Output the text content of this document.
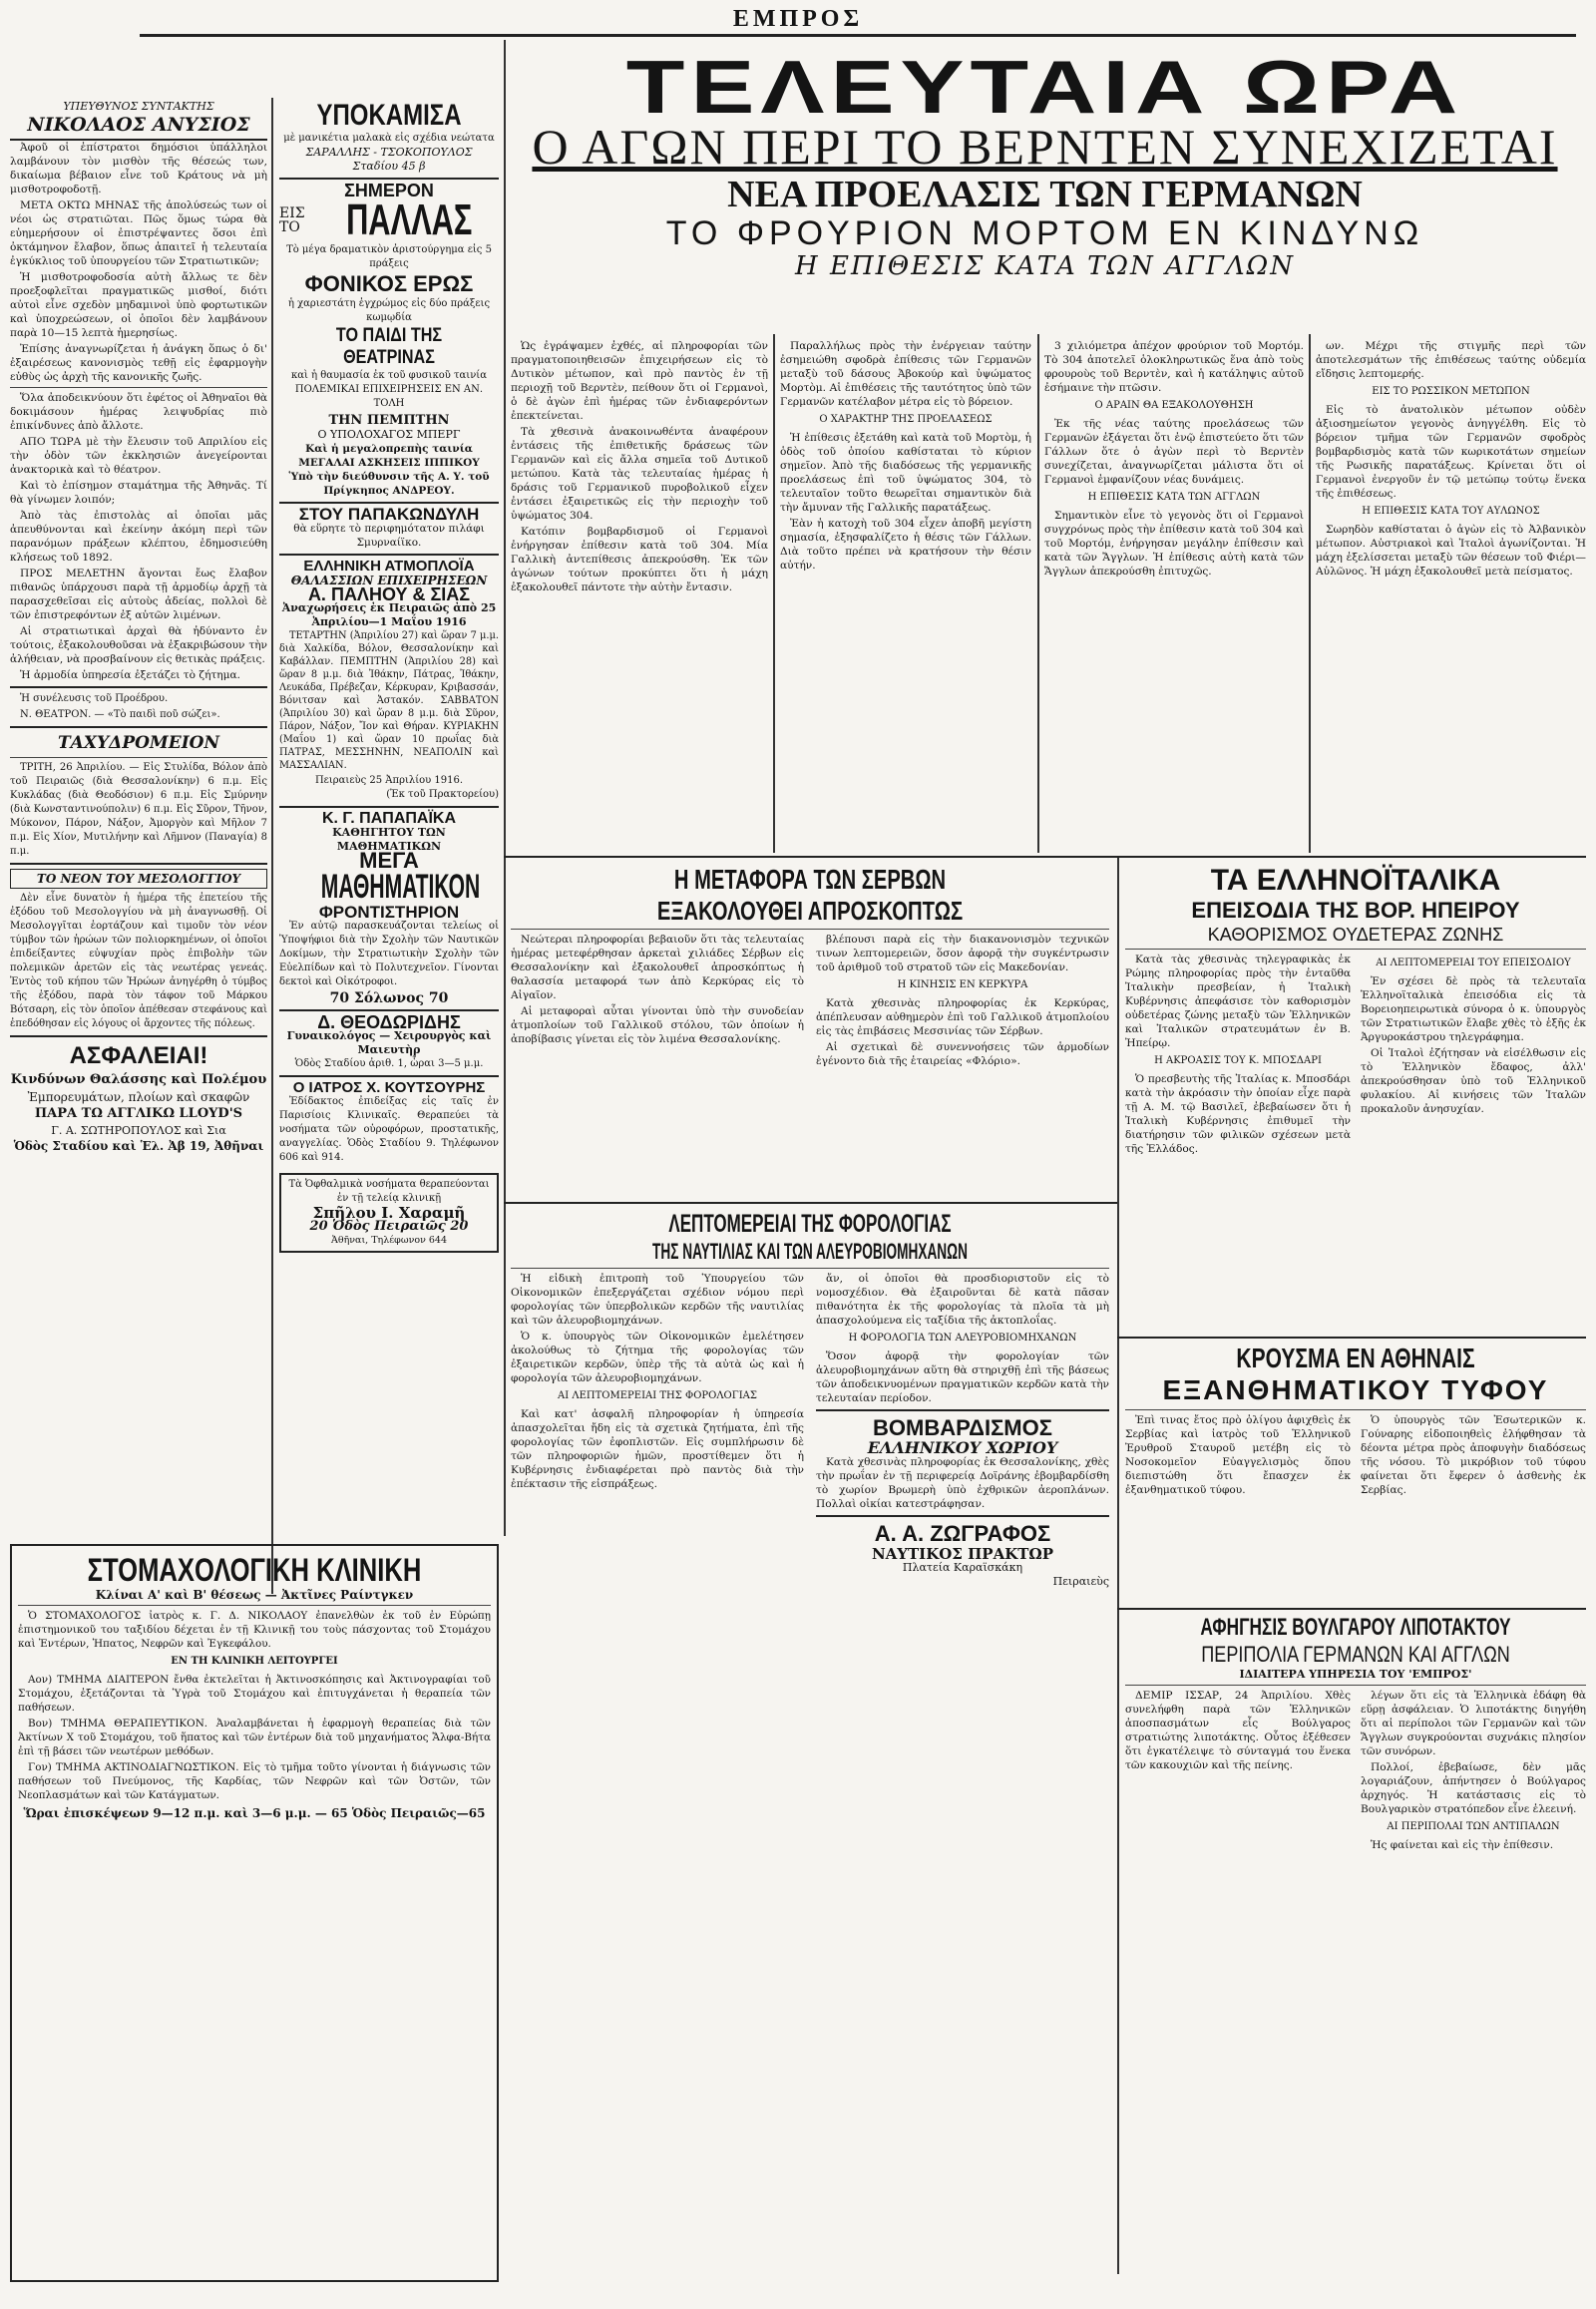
ΕΜΠΡΟΣ
ΥΠΕΥΘΥΝΟΣ ΣΥΝΤΑΚΤΗΣ
ΝΙΚΟΛΑΟΣ ΑΝΥΣΙΟΣ

Ἀφοῦ οἱ ἐπίστρατοι δημόσιοι ὑπάλληλοι λαμβάνουν τὸν μισθὸν τῆς θέσεώς των, δικαίωμα βέβαιον εἶνε τοῦ Κράτους νὰ μὴ μισθοτροφοδοτῇ.

ΜΕΤΑ ΟΚΤΩ ΜΗΝΑΣ τῆς ἀπολύσεώς των οἱ νέοι ὡς στρατιῶται. Πῶς ὅμως τώρα θὰ εὐημερήσουν οἱ ἐπιστρέψαντες ὅσοι ἐπὶ ὀκτάμηνον ἔλαβον, ὅπως ἀπαιτεῖ ἡ τελευταία ἐγκύκλιος τοῦ ὑπουργείου τῶν Στρατιωτικῶν;

Ἡ μισθοτροφοδοσία αὐτὴ ἄλλως τε δὲν προεξοφλεῖται πραγματικῶς μισθοί, διότι αὐτοὶ εἶνε σχεδὸν μηδαμινοὶ ὑπὸ φορτωτικῶν καὶ ὑποχρεώσεων, οἱ ὁποῖοι δὲν λαμβάνουν παρὰ 10—15 λεπτὰ ἡμερησίως.

Ἐπίσης ἀναγνωρίζεται ἡ ἀνάγκη ὅπως ὁ δι' ἐξαιρέσεως κανονισμὸς τεθῇ εἰς ἐφαρμογὴν εὐθὺς ὡς ἀρχὴ τῆς κανονικῆς ζωῆς.

Ὅλα ἀποδεικνύουν ὅτι ἐφέτος οἱ Ἀθηναῖοι θὰ δοκιμάσουν ἡμέρας λειψυδρίας πιὸ ἐπικίνδυνες ἀπὸ ἄλλοτε.

ΑΠΟ ΤΩΡΑ μὲ τὴν ἔλευσιν τοῦ Απριλίου εἰς τὴν ὁδὸν τῶν ἐκκλησιῶν ἀνεγείρονται ἀνακτορικὰ καὶ τὸ θέατρον.

Καὶ τὸ ἐπίσημον σταμάτημα τῆς Ἀθηνᾶς. Τί θὰ γίνωμεν λοιπόν;

Ἀπὸ τὰς ἐπιστολὰς αἱ ὁποῖαι μᾶς ἀπευθύνονται καὶ ἐκείνην ἀκόμη περὶ τῶν παρανόμων πράξεων κλέπτου, ἐδημοσιεύθη κλήσεως τοῦ 1892.

ΠΡΟΣ ΜΕΛΕΤΗΝ ἄγονται ἔως ἔλαβον πιθανῶς ὑπάρχουσι παρὰ τῇ ἀρμοδίῳ ἀρχῇ τὰ παρασχεθεῖσαι εἰς αὐτοὺς ἀδείας, πολλοὶ δὲ τῶν ἐπιστρεφόντων ἐξ αὐτῶν λιμένων.

Αἱ στρατιωτικαὶ ἀρχαὶ θὰ ἠδύναντο ἐν τούτοις, ἐξακολουθοῦσαι νὰ ἐξακριβώσουν τὴν ἀλήθειαν, νὰ προσβαίνουν εἰς θετικὰς πράξεις.

Ἡ ἁρμοδία ὑπηρεσία ἐξετάζει τὸ ζήτημα.

Ἡ συνέλευσις τοῦ Προέδρου.

Ν. ΘΕΑΤΡΟΝ. — «Τὸ παιδὶ ποῦ σώζει».

ΤΑΧΥΔΡΟΜΕΙΟΝ

ΤΡΙΤΗ, 26 Ἀπριλίου. — Εἰς Στυλίδα, Βόλον ἀπὸ τοῦ Πειραιῶς (διὰ Θεσσαλονίκην) 6 π.μ. Εἰς Κυκλάδας (διὰ Θεοδόσιον) 6 π.μ. Εἰς Σμύρνην (διὰ Κωνσταντινούπολιν) 6 π.μ. Εἰς Σῦρον, Τῆνον, Μύκονον, Πάρον, Νάξον, Ἀμοργὸν καὶ Μῆλον 7 π.μ. Εἰς Χίον, Μυτιλήνην καὶ Λῆμνον (Παναγία) 8 π.μ.

ΤΟ ΝΕΟΝ ΤΟΥ ΜΕΣΟΛΟΓΓΙΟΥ

Δὲν εἶνε δυνατὸν ἡ ἡμέρα τῆς ἐπετείου τῆς ἐξόδου τοῦ Μεσολογγίου νὰ μὴ ἀναγνωσθῇ. Οἱ Μεσολογγῖται ἑορτάζουν καὶ τιμοῦν τὸν νέον τύμβον τῶν ἡρώων τῶν πολιορκημένων, οἱ ὁποῖοι ἐπιδείξαντες εὐψυχίαν πρὸς ἐπιβολὴν τῶν πολεμικῶν ἀρετῶν εἰς τὰς νεωτέρας γενεάς. Ἐντὸς τοῦ κήπου τῶν Ἡρώων ἀνηγέρθη ὁ τύμβος τῆς ἐξόδου, παρὰ τὸν τάφον τοῦ Μάρκου Βότσαρη, εἰς τὸν ὁποῖον ἀπέθεσαν στεφάνους καὶ ἐπεδόθησαν εἰς λόγους οἱ ἄρχοντες τῆς πόλεως.

ΑΣΦΑΛΕΙΑΙ!
Κινδύνων Θαλάσσης καὶ Πολέμου
Ἐμπορευμάτων, πλοίων καὶ σκαφῶν
ΠΑΡΑ ΤΩ ΑΓΓΛΙΚΩ LLOYD'S
Γ. Α. ΣΩΤΗΡΟΠΟΥΛΟΣ καὶ Σια
Ὁδὸς Σταδίου καὶ Ἑλ. Ἀβ 19, Ἀθῆναι
ΥΠΟΚΑΜΙΣΑ
μὲ μανικέτια μαλακὰ εἰς σχέδια νεώτατα
ΣΑΡΑΛΛΗΣ - ΤΣΟΚΟΠΟΥΛΟΣ
Σταδίου 45 β
ΣΗΜΕΡΟΝ
ΕΙΣ ΤΟ ΠΑΛΛΑΣ
Τὸ μέγα δραματικὸν ἀριστούργημα εἰς 5 πράξεις
ΦΟΝΙΚΟΣ ΕΡΩΣ
ἡ χαριεστάτη ἐγχρώμος εἰς δύο πράξεις κωμῳδία
ΤΟ ΠΑΙΔΙ ΤΗΣ ΘΕΑΤΡΙΝΑΣ
καὶ ἡ θαυμασία ἐκ τοῦ φυσικοῦ ταινία ΠΟΛΕΜΙΚΑΙ ΕΠΙΧΕΙΡΗΣΕΙΣ ΕΝ ΑΝ. ΤΟΛΗ
ΤΗΝ ΠΕΜΠΤΗΝ
Ο ΥΠΟΛΟΧΑΓΟΣ ΜΠΕΡΓ
Καὶ ἡ μεγαλοπρεπὴς ταινία ΜΕΓΑΛΑΙ ΑΣΚΗΣΕΙΣ ΙΠΠΙΚΟΥ
Ὑπὸ τὴν διεύθυνσιν τῆς Α. Υ. τοῦ Πρίγκηπος ΑΝΔΡΕΟΥ.
ΣΤΟΥ ΠΑΠΑΚΩΝΔΥΛΗ
θὰ εὕρητε τὸ περιφημότατον πιλάφι Σμυρναίϊκο.
ΕΛΛΗΝΙΚΗ ΑΤΜΟΠΛΟΪΑ
ΘΑΛΑΣΣΙΩΝ ΕΠΙΧΕΙΡΗΣΕΩΝ
Α. ΠΑΛΗΟΥ & ΣΙΑΣ
Ἀναχωρήσεις ἐκ Πειραιῶς ἀπὸ 25 Ἀπριλίου—1 Μαΐου 1916

ΤΕΤΑΡΤΗΝ (Ἀπριλίου 27) καὶ ὥραν 7 μ.μ. διὰ Χαλκίδα, Βόλον, Θεσσαλονίκην καὶ Καβάλλαν. ΠΕΜΠΤΗΝ (Ἀπριλίου 28) καὶ ὥραν 8 μ.μ. διὰ Ἰθάκην, Πάτρας, Ἰθάκην, Λευκάδα, Πρέβεζαν, Κέρκυραν, Κριβασσάν, Βόνιτσαν καὶ Ἀστακόν. ΣΑΒΒΑΤΟΝ (Ἀπριλίου 30) καὶ ὥραν 8 μ.μ. διὰ Σῦρον, Πάρον, Νάξον, Ἴον καὶ Θήραν. ΚΥΡΙΑΚΗΝ (Μαΐου 1) καὶ ὥραν 10 πρωΐας διὰ ΠΑΤΡΑΣ, ΜΕΣΣΗΝΗΝ, ΝΕΑΠΟΛΙΝ καὶ ΜΑΣΣΑΛΙΑΝ.

Πειραιεὺς 25 Ἀπριλίου 1916.
(Ἐκ τοῦ Πρακτορείου)
Κ. Γ. ΠΑΠΑΠΑΪΚΑ
ΚΑΘΗΓΗΤΟΥ ΤΩΝ ΜΑΘΗΜΑΤΙΚΩΝ
ΜΕΓΑ
ΜΑΘΗΜΑΤΙΚΟΝ
ΦΡΟΝΤΙΣΤΗΡΙΟΝ

Ἐν αὐτῷ παρασκευάζονται τελείως οἱ Ὑποψήφιοι διὰ τὴν Σχολὴν τῶν Ναυτικῶν Δοκίμων, τὴν Στρατιωτικὴν Σχολὴν τῶν Εὐελπίδων καὶ τὸ Πολυτεχνεῖον. Γίνονται δεκτοὶ καὶ Οἰκότροφοι.

70 Σόλωνος 70
Δ. ΘΕΟΔΩΡΙΔΗΣ
Γυναικολόγος — Χειρουργὸς καὶ Μαιευτὴρ
Ὁδὸς Σταδίου ἀριθ. 1, ὧραι 3—5 μ.μ.
Ο ΙΑΤΡΟΣ Χ. ΚΟΥΤΣΟΥΡΗΣ

Ἐδίδακτος ἐπιδείξας εἰς ταῖς ἐν Παρισίοις Κλινικαῖς. Θεραπεύει τὰ νοσήματα τῶν οὐροφόρων, προστατικῆς, αναγγελίας. Ὁδὸς Σταδίου 9. Τηλέφωνον 606 καὶ 914.

Τὰ Ὀφθαλμικὰ νοσήματα θεραπεύονται ἐν τῇ τελείᾳ κλινικῇ
Σπῆλου Ι. Χαραμῆ
20 Ὁδὸς Πειραιῶς 20
Ἀθῆναι, Τηλέφωνον 644
ΤΕΛΕΥΤΑΙΑ ΩΡΑ
Ο ΑΓΩΝ ΠΕΡΙ ΤΟ ΒΕΡΝΤΕΝ ΣΥΝΕΧΙΖΕΤΑΙ
ΝΕΑ ΠΡΟΕΛΑΣΙΣ ΤΩΝ ΓΕΡΜΑΝΩΝ
ΤΟ ΦΡΟΥΡΙΟΝ ΜΟΡΤΟΜ ΕΝ ΚΙΝΔΥΝΩ
Η ΕΠΙΘΕΣΙΣ ΚΑΤΑ ΤΩΝ ΑΓΓΛΩΝ

Ὡς ἐγράψαμεν ἐχθές, αἱ πληροφορίαι τῶν πραγματοποιηθεισῶν ἐπιχειρήσεων εἰς τὸ Δυτικὸν μέτωπον, καὶ πρὸ παντὸς ἐν τῇ περιοχῇ τοῦ Βερντὲν, πείθουν ὅτι οἱ Γερμανοὶ, ὁ δὲ ἀγὼν ἐπὶ ἡμέρας τῶν ἐνδιαφερόντων ἐπεκτείνεται.

Τὰ χθεσινὰ ἀνακοινωθέντα ἀναφέρουν ἐντάσεις τῆς ἐπιθετικῆς δράσεως τῶν Γερμανῶν καὶ εἰς ἄλλα σημεῖα τοῦ Δυτικοῦ μετώπου. Κατὰ τὰς τελευταίας ἡμέρας ἡ δράσις τοῦ Γερμανικοῦ πυροβολικοῦ εἶχεν ἐντάσει ἐξαιρετικῶς εἰς τὴν περιοχὴν τοῦ ὑψώματος 304.

Κατόπιν βομβαρδισμοῦ οἱ Γερμανοὶ ἐνήργησαν ἐπίθεσιν κατὰ τοῦ 304. Μία Γαλλικὴ ἀντεπίθεσις ἀπεκρούσθη. Ἐκ τῶν ἀγώνων τούτων προκύπτει ὅτι ἡ μάχη ἐξακολουθεῖ πάντοτε τὴν αὐτὴν ἔντασιν.

Παραλλήλως πρὸς τὴν ἐνέργειαν ταύτην ἐσημειώθη σφοδρὰ ἐπίθεσις τῶν Γερμανῶν μεταξὺ τοῦ δάσους Ἀβοκούρ καὶ ὑψώματος Μορτὸμ. Αἱ ἐπιθέσεις τῆς ταυτότητος ὑπὸ τῶν Γερμανῶν κατέλαβον μέτρα εἰς τὸ βόρειον.

Ο ΧΑΡΑΚΤΗΡ ΤΗΣ ΠΡΟΕΛΑΣΕΩΣ

Ἡ ἐπίθεσις ἐξετάθη καὶ κατὰ τοῦ Μορτὸμ, ἡ ὁδὸς τοῦ ὁποίου καθίσταται τὸ κύριον σημεῖον. Ἀπὸ τῆς διαδόσεως τῆς γερμανικῆς προελάσεως ἐπὶ τοῦ ὑψώματος 304, τὸ τελευταῖον τοῦτο θεωρεῖται σημαντικὸν διὰ τὴν ἄμυναν τῆς Γαλλικῆς παρατάξεως.

Ἐὰν ἡ κατοχὴ τοῦ 304 εἶχεν ἀποβῆ μεγίστη σημασία, ἐξησφαλίζετο ἡ θέσις τῶν Γάλλων. Διὰ τοῦτο πρέπει νὰ κρατήσουν τὴν θέσιν αὐτήν.

3 χιλιόμετρα ἀπέχον φρούριον τοῦ Μορτόμ. Τὸ 304 ἀποτελεῖ ὁλοκληρωτικῶς ἕνα ἀπὸ τοὺς φρουροὺς τοῦ Βερντὲν, καὶ ἡ κατάληψις αὐτοῦ ἐσήμαινε τὴν πτῶσιν.

Ο ΑΡΑΙΝ ΘΑ ΕΞΑΚΟΛΟΥΘΗΣΗ

Ἐκ τῆς νέας ταύτης προελάσεως τῶν Γερμανῶν ἐξάγεται ὅτι ἐνῷ ἐπιστεύετο ὅτι τῶν Γάλλων ὅτε ὁ ἀγὼν περὶ τὸ Βερντὲν συνεχίζεται, ἀναγνωρίζεται μάλιστα ὅτι οἱ Γερμανοὶ ἐμφανίζουν νέας δυνάμεις.

Η ΕΠΙΘΕΣΙΣ ΚΑΤΑ ΤΩΝ ΑΓΓΛΩΝ

Σημαντικὸν εἶνε τὸ γεγονὸς ὅτι οἱ Γερμανοὶ συγχρόνως πρὸς τὴν ἐπίθεσιν κατὰ τοῦ 304 καὶ τοῦ Μορτόμ, ἐνήργησαν μεγάλην ἐπίθεσιν καὶ κατὰ τῶν Ἄγγλων. Ἡ ἐπίθεσις αὐτὴ κατὰ τῶν Ἄγγλων ἀπεκρούσθη ἐπιτυχῶς.

ων. Μέχρι τῆς στιγμῆς περὶ τῶν ἀποτελεσμάτων τῆς ἐπιθέσεως ταύτης οὐδεμία εἴδησις λεπτομερής.

ΕΙΣ ΤΟ ΡΩΣΣΙΚΟΝ ΜΕΤΩΠΟΝ

Εἰς τὸ ἀνατολικὸν μέτωπον οὐδὲν ἀξιοσημείωτον γεγονὸς ἀνηγγέλθη. Εἰς τὸ βόρειον τμῆμα τῶν Γερμανῶν σφοδρὸς βομβαρδισμὸς κατὰ τῶν κωρικοτάτων σημείων τῆς Ρωσικῆς παρατάξεως. Κρίνεται ὅτι οἱ Γερμανοὶ ἐνεργοῦν ἐν τῷ μετώπῳ τούτῳ ἕνεκα τῆς ἐπιθέσεως.

Η ΕΠΙΘΕΣΙΣ ΚΑΤΑ ΤΟΥ ΑΥΛΩΝΟΣ

Σωρηδὸν καθίσταται ὁ ἀγὼν εἰς τὸ Ἀλβανικὸν μέτωπον. Αὐστριακοὶ καὶ Ἰταλοὶ ἀγωνίζονται. Ἡ μάχη ἐξελίσσεται μεταξὺ τῶν θέσεων τοῦ Φιέρι—Αὐλῶνος. Ἡ μάχη ἐξακολουθεῖ μετὰ πείσματος.

Η ΜΕΤΑΦΟΡΑ ΤΩΝ ΣΕΡΒΩΝ
ΕΞΑΚΟΛΟΥΘΕΙ ΑΠΡΟΣΚΟΠΤΩΣ

Νεώτεραι πληροφορίαι βεβαιοῦν ὅτι τὰς τελευταίας ἡμέρας μετεφέρθησαν ἀρκεταὶ χιλιάδες Σέρβων εἰς Θεσσαλονίκην καὶ ἐξακολουθεῖ ἀπροσκόπτως ἡ θαλασσία μεταφορά των ἀπὸ Κερκύρας εἰς τὸ Αἰγαῖον.

Αἱ μεταφοραὶ αὗται γίνονται ὑπὸ τὴν συνοδείαν ἀτμοπλοίων τοῦ Γαλλικοῦ στόλου, τῶν ὁποίων ἡ ἀποβίβασις γίνεται εἰς τὸν λιμένα Θεσσαλονίκης.

βλέπουσι παρὰ εἰς τὴν διακανονισμὸν τεχνικῶν τινων λεπτομερειῶν, ὅσον ἀφορᾷ τὴν συγκέντρωσιν τοῦ ἀριθμοῦ τοῦ στρατοῦ τῶν εἰς Μακεδονίαν.

Η ΚΙΝΗΣΙΣ ΕΝ ΚΕΡΚΥΡΑ

Κατὰ χθεσινὰς πληροφορίας ἐκ Κερκύρας, ἀπέπλευσαν αὐθημερὸν ἐπὶ τοῦ Γαλλικοῦ ἀτμοπλοίου εἰς τὰς ἐπιβάσεις Μεσσινίας τῶν Σέρβων.

Αἱ σχετικαὶ δὲ συνεννοήσεις τῶν ἁρμοδίων ἐγένοντο διὰ τῆς ἑταιρείας «Φλόριο».

ΛΕΠΤΟΜΕΡΕΙΑΙ ΤΗΣ ΦΟΡΟΛΟΓΙΑΣ
ΤΗΣ ΝΑΥΤΙΛΙΑΣ ΚΑΙ ΤΩΝ ΑΛΕΥΡΟΒΙΟΜΗΧΑΝΩΝ

Ἡ εἰδικὴ ἐπιτροπὴ τοῦ Ὑπουργείου τῶν Οἰκονομικῶν ἐπεξεργάζεται σχέδιον νόμου περὶ φορολογίας τῶν ὑπερβολικῶν κερδῶν τῆς ναυτιλίας καὶ τῶν ἀλευροβιομηχάνων.

Ὁ κ. ὑπουργὸς τῶν Οἰκονομικῶν ἐμελέτησεν ἀκολούθως τὸ ζήτημα τῆς φορολογίας τῶν ἐξαιρετικῶν κερδῶν, ὑπὲρ τῆς τὰ αὐτὰ ὡς καὶ ἡ φορολογία τῶν ἀλευροβιομηχάνων.

ΑΙ ΛΕΠΤΟΜΕΡΕΙΑΙ ΤΗΣ ΦΟΡΟΛΟΓΙΑΣ

Καὶ κατ' ἀσφαλῆ πληροφορίαν ἡ ὑπηρεσία ἀπασχολεῖται ἤδη εἰς τὰ σχετικὰ ζητήματα, ἐπὶ τῆς φορολογίας τῶν ἐφοπλιστῶν. Εἰς συμπλήρωσιν δὲ τῶν πληροφοριῶν ἡμῶν, προστίθεμεν ὅτι ἡ Κυβέρνησις ἐνδιαφέρεται πρὸ παντὸς διὰ τὴν ἐπέκτασιν τῆς εἰσπράξεως.

ἄν, οἱ ὁποῖοι θὰ προσδιοριστοῦν εἰς τὸ νομοσχέδιον. Θὰ ἐξαιροῦνται δὲ κατὰ πᾶσαν πιθανότητα ἐκ τῆς φορολογίας τὰ πλοῖα τὰ μὴ ἀπασχολούμενα εἰς ταξίδια τῆς ἀκτοπλοΐας.

Η ΦΟΡΟΛΟΓΙΑ ΤΩΝ ΑΛΕΥΡΟΒΙΟΜΗΧΑΝΩΝ

Ὅσον ἀφορᾷ τὴν φορολογίαν τῶν ἀλευροβιομηχάνων αὕτη θὰ στηριχθῇ ἐπὶ τῆς βάσεως τῶν ἀποδεικνυομένων πραγματικῶν κερδῶν κατὰ τὴν τελευταίαν περίοδον.

ΒΟΜΒΑΡΔΙΣΜΟΣ
ΕΛΛΗΝΙΚΟΥ ΧΩΡΙΟΥ

Κατὰ χθεσινὰς πληροφορίας ἐκ Θεσσαλονίκης, χθὲς τὴν πρωΐαν ἐν τῇ περιφερείᾳ Δοϊράνης ἐβομβαρδίσθη τὸ χωρίον Βρωμερὴ ὑπὸ ἐχθρικῶν ἀεροπλάνων. Πολλαὶ οἰκίαι κατεστράφησαν.

Α. Α. ΖΩΓΡΑΦΟΣ
ΝΑΥΤΙΚΟΣ ΠΡΑΚΤΩΡ
Πλατεία Καραϊσκάκη
Πειραιεὺς
ΤΑ ΕΛΛΗΝΟΪΤΑΛΙΚΑ
ΕΠΕΙΣΟΔΙΑ ΤΗΣ ΒΟΡ. ΗΠΕΙΡΟΥ
ΚΑΘΟΡΙΣΜΟΣ ΟΥΔΕΤΕΡΑΣ ΖΩΝΗΣ

Κατὰ τὰς χθεσινὰς τηλεγραφικὰς ἐκ Ρώμης πληροφορίας πρὸς τὴν ἐνταῦθα Ἰταλικὴν πρεσβείαν, ἡ Ἰταλικὴ Κυβέρνησις ἀπεφάσισε τὸν καθορισμὸν οὐδετέρας ζώνης μεταξὺ τῶν Ἑλληνικῶν καὶ Ἰταλικῶν στρατευμάτων ἐν Β. Ἠπείρῳ.

Η ΑΚΡΟΑΣΙΣ ΤΟΥ Κ. ΜΠΟΣΔΑΡΙ

Ὁ πρεσβευτὴς τῆς Ἰταλίας κ. Μποσδάρι κατὰ τὴν ἀκρόασιν τὴν ὁποίαν εἶχε παρὰ τῇ Α. Μ. τῷ Βασιλεῖ, ἐβεβαίωσεν ὅτι ἡ Ἰταλικὴ Κυβέρνησις ἐπιθυμεῖ τὴν διατήρησιν τῶν φιλικῶν σχέσεων μετὰ τῆς Ἑλλάδος.

ΑΙ ΛΕΠΤΟΜΕΡΕΙΑΙ ΤΟΥ ΕΠΕΙΣΟΔΙΟΥ

Ἐν σχέσει δὲ πρὸς τὰ τελευταῖα Ἑλληνοϊταλικὰ ἐπεισόδια εἰς τὰ Βορειοηπειρωτικὰ σύνορα ὁ κ. ὑπουργὸς τῶν Στρατιωτικῶν ἔλαβε χθὲς τὸ ἑξῆς ἐκ Ἀργυροκάστρου τηλεγράφημα.

Οἱ Ἰταλοὶ ἐζήτησαν νὰ εἰσέλθωσιν εἰς τὸ Ἑλληνικὸν ἔδαφος, ἀλλ' ἀπεκρούσθησαν ὑπὸ τοῦ Ἑλληνικοῦ φυλακίου. Αἱ κινήσεις τῶν Ἰταλῶν προκαλοῦν ἀνησυχίαν.

ΚΡΟΥΣΜΑ ΕΝ ΑΘΗΝΑΙΣ
ΕΞΑΝΘΗΜΑΤΙΚΟΥ ΤΥΦΟΥ

Ἐπὶ τινας ἔτος πρὸ ὀλίγου ἀφιχθεὶς ἐκ Σερβίας καὶ ἰατρὸς τοῦ Ἑλληνικοῦ Ἐρυθροῦ Σταυροῦ μετέβη εἰς τὸ Νοσοκομεῖον Εὐαγγελισμὸς ὅπου διεπιστώθη ὅτι ἔπασχεν ἐκ ἐξανθηματικοῦ τύφου.

Ὁ ὑπουργὸς τῶν Ἐσωτερικῶν κ. Γούναρης εἰδοποιηθεὶς ἐλήφθησαν τὰ δέοντα μέτρα πρὸς ἀποφυγὴν διαδόσεως τῆς νόσου. Τὸ μικρόβιον τοῦ τύφου φαίνεται ὅτι ἔφερεν ὁ ἀσθενὴς ἐκ Σερβίας.

ΑΦΗΓΗΣΙΣ ΒΟΥΛΓΑΡΟΥ ΛΙΠΟΤΑΚΤΟΥ
ΠΕΡΙΠΟΛΙΑ ΓΕΡΜΑΝΩΝ ΚΑΙ ΑΓΓΛΩΝ
ΙΔΙΑΙΤΕΡΑ ΥΠΗΡΕΣΙΑ ΤΟΥ 'ΕΜΠΡΟΣ'

ΔΕΜΙΡ ΙΣΣΑΡ, 24 Ἀπριλίου. Χθὲς συνελήφθη παρὰ τῶν Ἑλληνικῶν ἀποσπασμάτων εἷς Βούλγαρος στρατιώτης λιποτάκτης. Οὗτος ἐξέθεσεν ὅτι ἐγκατέλειψε τὸ σύνταγμά του ἕνεκα τῶν κακουχιῶν καὶ τῆς πείνης.

λέγων ὅτι εἰς τὰ Ἑλληνικὰ ἐδάφη θὰ εὕρῃ ἀσφάλειαν. Ὁ λιποτάκτης διηγήθη ὅτι αἱ περίπολοι τῶν Γερμανῶν καὶ τῶν Ἄγγλων συγκρούονται συχνάκις πλησίον τῶν συνόρων.

Πολλοί, ἐβεβαίωσε, δὲν μᾶς λογαριάζουν, ἀπήντησεν ὁ Βούλγαρος ἀρχηγός. Ἡ κατάστασις εἰς τὸ Βουλγαρικὸν στρατόπεδον εἶνε ἐλεεινή.

ΑΙ ΠΕΡΙΠΟΛΑΙ ΤΩΝ ΑΝΤΙΠΑΛΩΝ

Ἡς φαίνεται καὶ εἰς τὴν ἐπίθεσιν.

ΣΤΟΜΑΧΟΛΟΓΙΚΗ ΚΛΙΝΙΚΗ
Κλίναι Α' καὶ Β' θέσεως — Ἀκτῖνες Ραίντγκεν

Ὁ ΣΤΟΜΑΧΟΛΟΓΟΣ ἰατρὸς κ. Γ. Δ. ΝΙΚΟΛΑΟΥ ἐπανελθὼν ἐκ τοῦ ἐν Εὐρώπῃ ἐπιστημονικοῦ του ταξιδίου δέχεται ἐν τῇ Κλινικῇ του τοὺς πάσχοντας τοῦ Στομάχου καὶ Ἐντέρων, Ἡπατος, Νεφρῶν καὶ Ἐγκεφάλου.

ΕΝ ΤΗ ΚΛΙΝΙΚΗ ΛΕΙΤΟΥΡΓΕΙ

Αον) ΤΜΗΜΑ ΔΙΑΙΤΕΡΟΝ ἔνθα ἐκτελεῖται ἡ Ἀκτινοσκόπησις καὶ Ἀκτινογραφίαι τοῦ Στομάχου, ἐξετάζονται τὰ Ὑγρὰ τοῦ Στομάχου καὶ ἐπιτυγχάνεται ἡ θεραπεία τῶν παθήσεων.

Βον) ΤΜΗΜΑ ΘΕΡΑΠΕΥΤΙΚΟΝ. Ἀναλαμβάνεται ἡ ἐφαρμογὴ θεραπείας διὰ τῶν Ἀκτίνων Χ τοῦ Στομάχου, τοῦ ἥπατος καὶ τῶν ἐντέρων διὰ τοῦ μηχανήματος Ἄλφα-Βήτα ἐπὶ τῇ βάσει τῶν νεωτέρων μεθόδων.

Γον) ΤΜΗΜΑ ΑΚΤΙΝΟΔΙΑΓΝΩΣΤΙΚΟΝ. Εἰς τὸ τμῆμα τοῦτο γίνονται ἡ διάγνωσις τῶν παθήσεων τοῦ Πνεύμονος, τῆς Καρδίας, τῶν Νεφρῶν καὶ τῶν Ὀστῶν, τῶν Νεοπλασμάτων καὶ τῶν Κατάγματων.

Ὥραι ἐπισκέψεων 9—12 π.μ. καὶ 3—6 μ.μ. — 65 Ὁδὸς Πειραιῶς—65
